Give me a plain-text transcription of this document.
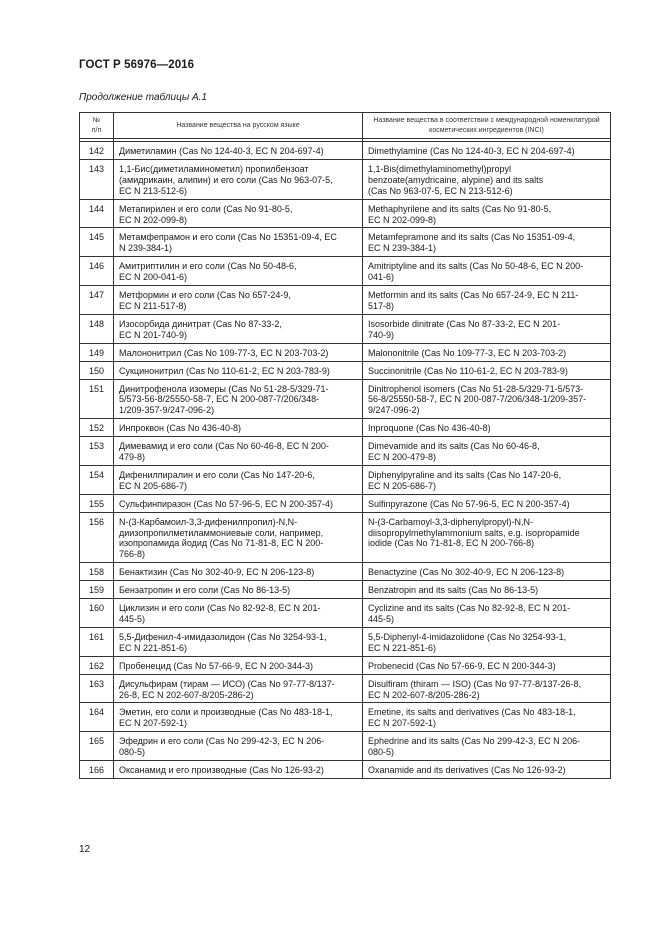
ГОСТ Р 56976—2016
Продолжение таблицы А.1
№
п/п	Название вещества на русском языке	Название вещества в соответствии с международной номенклатурой косметических ингредиентов (INCI)

142	Диметиламин (Cas No 124-40-3, EC N 204-697-4)	Dimethylamine (Cas No 124-40-3, EC N 204-697-4)
143	1,1-Бис(диметиламинометил) пропилбензоат
(амидрикаин, алипин) и его соли (Cas No 963-07-5,
EC N 213-512-6)	1,1-Bis(dimethylaminomethyl)propyl
benzoate(amydricaine, alypine) and its salts
(Cas No 963-07-5, EC N 213-512-6)
144	Метапирилен и его соли (Cas No 91-80-5,
EC N 202-099-8)	Methaphyrilene and its salts (Cas No 91-80-5,
EC N 202-099-8)
145	Метамфепрамон и его соли (Cas No 15351-09-4, EC
N 239-384-1)	Metamfepramone and its salts (Cas No 15351-09-4,
EC N 239-384-1)
146	Амитриптилин и его соли (Cas No 50-48-6,
EC N 200-041-6)	Amitriptyline and its salts (Cas No 50-48-6, EC N 200-
041-6)
147	Метформин и его соли (Cas No 657-24-9,
EC N 211-517-8)	Metformin and its salts (Cas No 657-24-9, EC N 211-
517-8)
148	Изосорбида динитрат (Cas No 87-33-2,
EC N 201-740-9)	Isosorbide dinitrate (Cas No 87-33-2, EC N 201-
740-9)
149	Малононитрил (Cas No 109-77-3, EC N 203-703-2)	Malononitrile (Cas No 109-77-3, EC N 203-703-2)
150	Сукцинонитрил (Cas No 110-61-2, EC N 203-783-9)	Succinonitrile (Cas No 110-61-2, EC N 203-783-9)
151	Динитрофенола изомеры (Cas No 51-28-5/329-71-
5/573-56-8/25550-58-7, EC N 200-087-7/206/348-
1/209-357-9/247-096-2)	Dinitrophenol isomers (Cas No 51-28-5/329-71-5/573-
56-8/25550-58-7, EC N 200-087-7/206/348-1/209-357-
9/247-096-2)
152	Инпроквон (Cas No 436-40-8)	Inproquone (Cas No 436-40-8)
153	Димевамид и его соли (Cas No 60-46-8, EC N 200-
479-8)	Dimevamide and its salts (Cas No 60-46-8,
EC N 200-479-8)
154	Дифенилпиралин и его соли (Cas No 147-20-6,
EC N 205-686-7)	Diphenylpyraline and its salts (Cas No 147-20-6,
EC N 205-686-7)
155	Сульфинпиразон (Cas No 57-96-5, EC N 200-357-4)	Sulfinpyrazone (Cas No 57-96-5, EC N 200-357-4)
156	N-(3-Карбамоил-3,3-дифенилпропил)-N,N-
диизопропилметиламмониевые соли, например,
изопропамида йодид (Cas No 71-81-8, EC N 200-
766-8)	N-(3-Carbamoyl-3,3-diphenylpropyl)-N,N-
diisopropylmethylammonium salts, e.g. isopropamide
iodide (Cas No 71-81-8, EC N 200-766-8)
158	Бенактизин (Cas No 302-40-9, EC N 206-123-8)	Benactyzine (Cas No 302-40-9, EC N 206-123-8)
159	Бензатропин и его соли (Cas No 86-13-5)	Benzatropin and its salts (Cas No 86-13-5)
160	Циклизин и его соли (Cas No 82-92-8, EC N 201-
445-5)	Cyclizine and its salts (Cas No 82-92-8, EC N 201-
445-5)
161	5,5-Дифенил-4-имидазолидон (Cas No 3254-93-1,
EC N 221-851-6)	5,5-Diphenyl-4-imidazolidone (Cas No 3254-93-1,
EC N 221-851-6)
162	Пробенецид (Cas No 57-66-9, EC N 200-344-3)	Probenecid (Cas No 57-66-9, EC N 200-344-3)
163	Дисульфирам (тирам — ИСО) (Cas No 97-77-8/137-
26-8, EC N 202-607-8/205-286-2)	Disulfiram (thiram — ISO) (Cas No 97-77-8/137-26-8,
EC N 202-607-8/205-286-2)
164	Эметин, его соли и производные (Cas No 483-18-1,
EC N 207-592-1)	Emetine, its salts and derivatives (Cas No 483-18-1,
EC N 207-592-1)
165	Эфедрин и его соли (Cas No 299-42-3, EC N 206-
080-5)	Ephedrine and its salts (Cas No 299-42-3, EC N 206-
080-5)
166	Оксанамид и его производные (Cas No 126-93-2)	Oxanamide and its derivatives (Cas No 126-93-2)
12
